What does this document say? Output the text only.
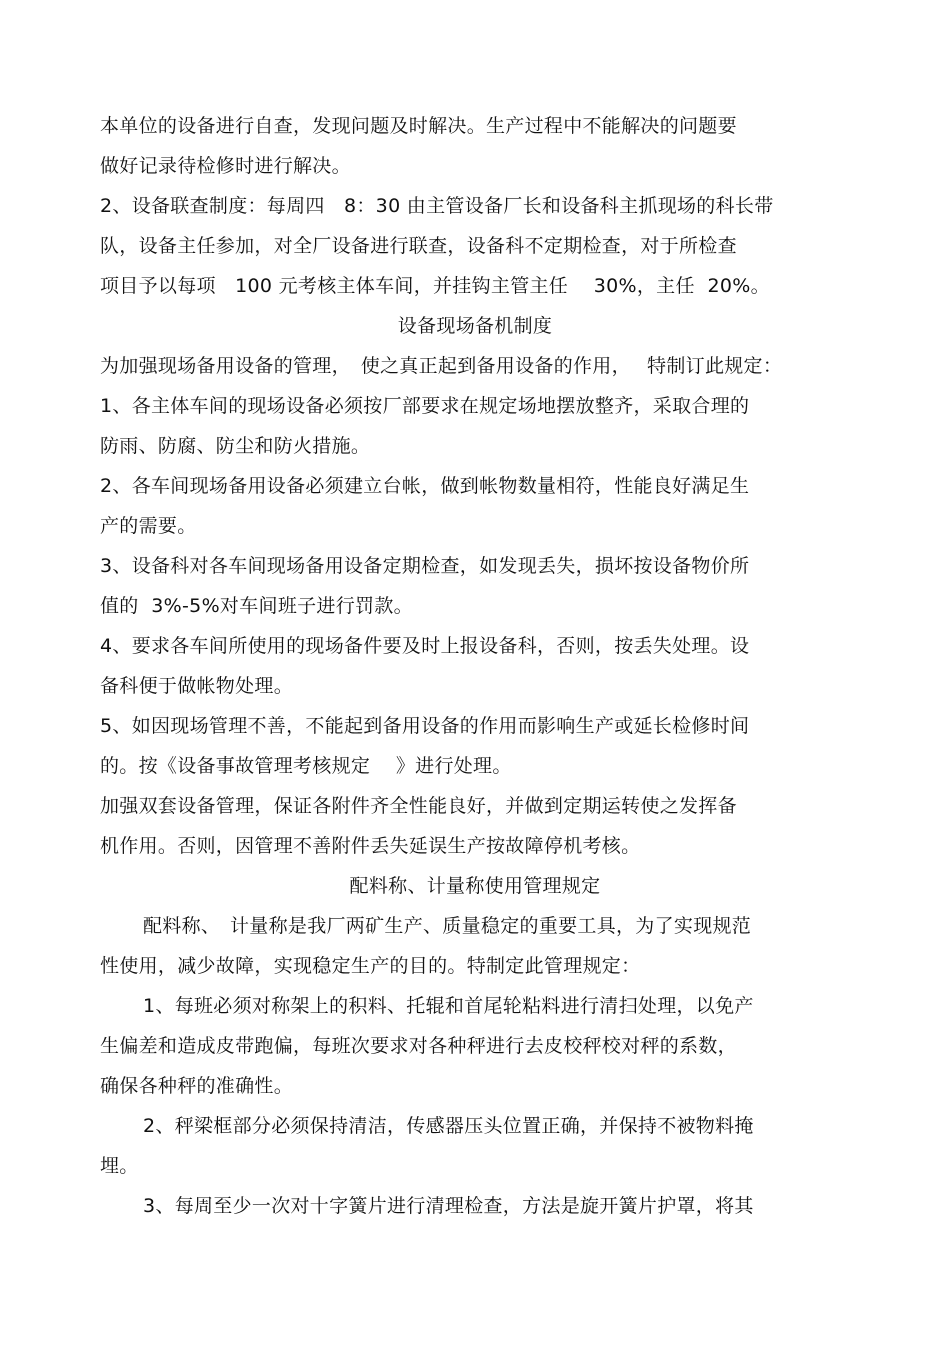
本单位的设备进行自查，发现问题及时解决。生产过程中不能解决的问题要
做好记录待检修时进行解决。
2、设备联查制度：每周四　8：30 由主管设备厂长和设备科主抓现场的科长带
队，设备主任参加，对全厂设备进行联查，设备科不定期检查，对于所检查
项目予以每项　100 元考核主体车间，并挂钩主管主任　 30%，主任  20%。
设备现场备机制度
为加强现场备用设备的管理，　使之真正起到备用设备的作用，　 特制订此规定：
1、各主体车间的现场设备必须按厂部要求在规定场地摆放整齐，采取合理的
防雨、防腐、防尘和防火措施。
2、各车间现场备用设备必须建立台帐，做到帐物数量相符，性能良好满足生
产的需要。
3、设备科对各车间现场备用设备定期检查，如发现丢失，损坏按设备物价所
值的  3%-5%对车间班子进行罚款。
4、要求各车间所使用的现场备件要及时上报设备科，否则，按丢失处理。设
备科便于做帐物处理。
5、如因现场管理不善，不能起到备用设备的作用而影响生产或延长检修时间
的。按《设备事故管理考核规定　 》进行处理。
加强双套设备管理，保证各附件齐全性能良好，并做到定期运转使之发挥备
机作用。否则，因管理不善附件丢失延误生产按故障停机考核。
配料称、计量称使用管理规定
配料称、　计量称是我厂两矿生产、质量稳定的重要工具，为了实现规范
性使用，减少故障，实现稳定生产的目的。特制定此管理规定：
1、每班必须对称架上的积料、托辊和首尾轮粘料进行清扫处理，以免产
生偏差和造成皮带跑偏，每班次要求对各种秤进行去皮校秤校对秤的系数，
确保各种秤的准确性。
2、秤梁框部分必须保持清洁，传感器压头位置正确，并保持不被物料掩
埋。
3、每周至少一次对十字簧片进行清理检查，方法是旋开簧片护罩，将其
